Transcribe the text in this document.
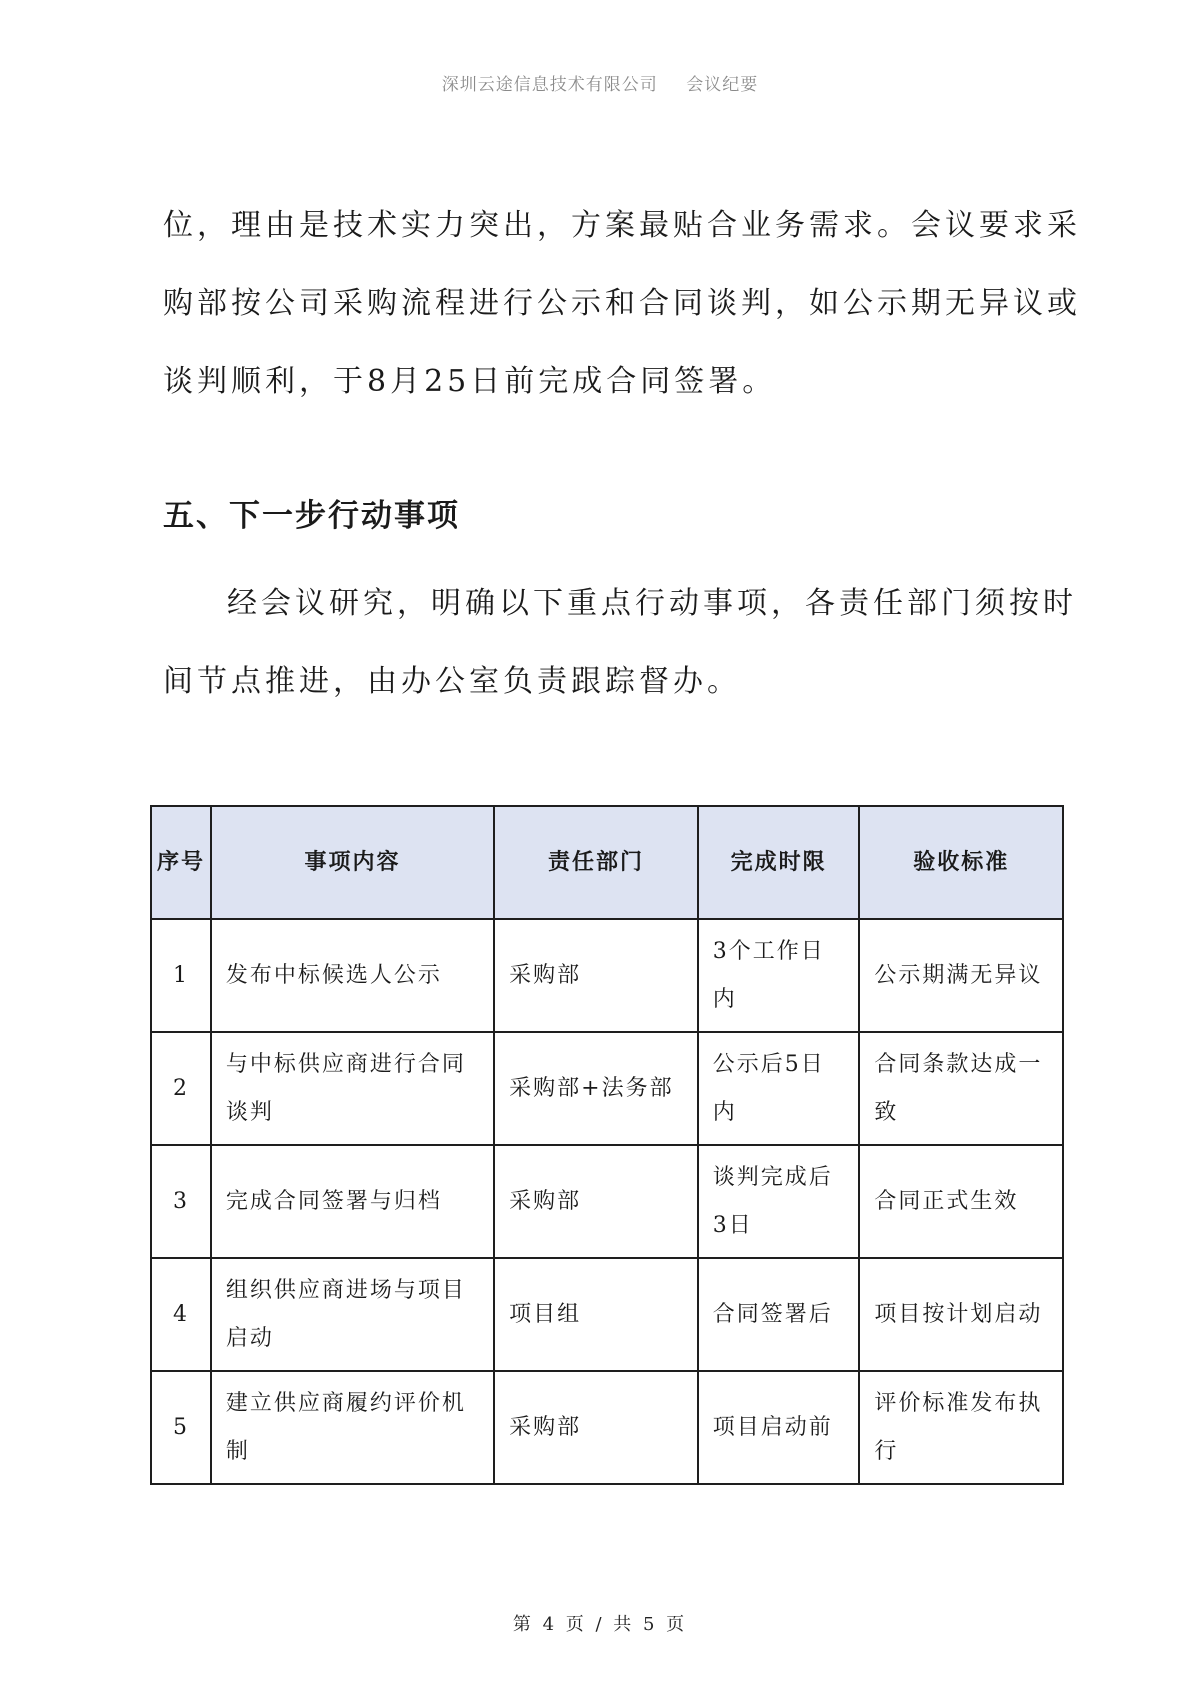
深圳云途信息技术有限公司 会议纪要

位，理由是技术实力突出，方案最贴合业务需求。会议要求采

购部按公司采购流程进行公示和合同谈判，如公示期无异议或

谈判顺利，于8月25日前完成合同签署。

五、下一步行动事项

经会议研究，明确以下重点行动事项，各责任部门须按时

间节点推进，由办公室负责跟踪督办。

序号	事项内容	责任部门	完成时限	验收标准
1	发布中标候选人公示	采购部	3个工作日内	公示期满无异议
2	与中标供应商进行合同谈判	采购部+法务部	公示后5日内	合同条款达成一致
3	完成合同签署与归档	采购部	谈判完成后3日	合同正式生效
4	组织供应商进场与项目启动	项目组	合同签署后	项目按计划启动
5	建立供应商履约评价机制	采购部	项目启动前	评价标准发布执行
第 4 页 / 共 5 页
